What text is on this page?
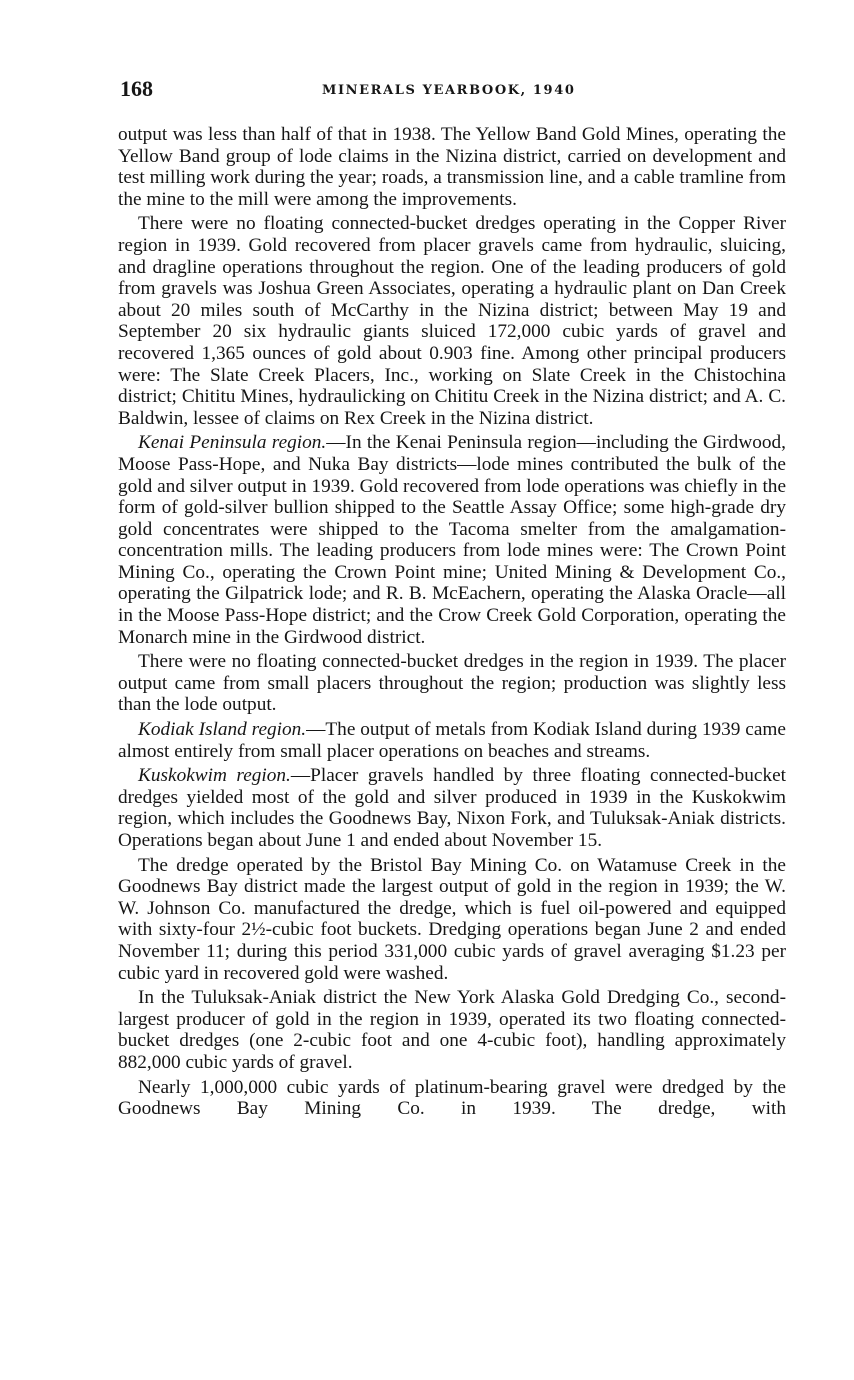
168	MINERALS YEARBOOK, 1940

output was less than half of that in 1938. The Yellow Band Gold Mines, operating the Yellow Band group of lode claims in the Nizina district, carried on development and test milling work during the year; roads, a transmission line, and a cable tramline from the mine to the mill were among the improvements.

There were no floating connected-bucket dredges operating in the Copper River region in 1939. Gold recovered from placer gravels came from hydraulic, sluicing, and dragline operations throughout the region. One of the leading producers of gold from gravels was Joshua Green Associates, operating a hydraulic plant on Dan Creek about 20 miles south of McCarthy in the Nizina district; between May 19 and September 20 six hydraulic giants sluiced 172,000 cubic yards of gravel and recovered 1,365 ounces of gold about 0.903 fine. Among other principal producers were: The Slate Creek Placers, Inc., working on Slate Creek in the Chistochina district; Chititu Mines, hydraulicking on Chititu Creek in the Nizina district; and A. C. Baldwin, lessee of claims on Rex Creek in the Nizina district.

Kenai Peninsula region.—In the Kenai Peninsula region—including the Girdwood, Moose Pass-Hope, and Nuka Bay districts—lode mines contributed the bulk of the gold and silver output in 1939. Gold recovered from lode operations was chiefly in the form of gold-silver bullion shipped to the Seattle Assay Office; some high-grade dry gold concentrates were shipped to the Tacoma smelter from the amalgamation-concentration mills. The leading producers from lode mines were: The Crown Point Mining Co., operating the Crown Point mine; United Mining & Development Co., operating the Gilpatrick lode; and R. B. McEachern, operating the Alaska Oracle—all in the Moose Pass-Hope district; and the Crow Creek Gold Corporation, operating the Monarch mine in the Girdwood district.

There were no floating connected-bucket dredges in the region in 1939. The placer output came from small placers throughout the region; production was slightly less than the lode output.

Kodiak Island region.—The output of metals from Kodiak Island during 1939 came almost entirely from small placer operations on beaches and streams.

Kuskokwim region.—Placer gravels handled by three floating connected-bucket dredges yielded most of the gold and silver produced in 1939 in the Kuskokwim region, which includes the Goodnews Bay, Nixon Fork, and Tuluksak-Aniak districts. Operations began about June 1 and ended about November 15.

The dredge operated by the Bristol Bay Mining Co. on Watamuse Creek in the Goodnews Bay district made the largest output of gold in the region in 1939; the W. W. Johnson Co. manufactured the dredge, which is fuel oil-powered and equipped with sixty-four 2½-cubic foot buckets. Dredging operations began June 2 and ended November 11; during this period 331,000 cubic yards of gravel averaging $1.23 per cubic yard in recovered gold were washed.

In the Tuluksak-Aniak district the New York Alaska Gold Dredging Co., second-largest producer of gold in the region in 1939, operated its two floating connected-bucket dredges (one 2-cubic foot and one 4-cubic foot), handling approximately 882,000 cubic yards of gravel.

Nearly 1,000,000 cubic yards of platinum-bearing gravel were dredged by the Goodnews Bay Mining Co. in 1939. The dredge, with
